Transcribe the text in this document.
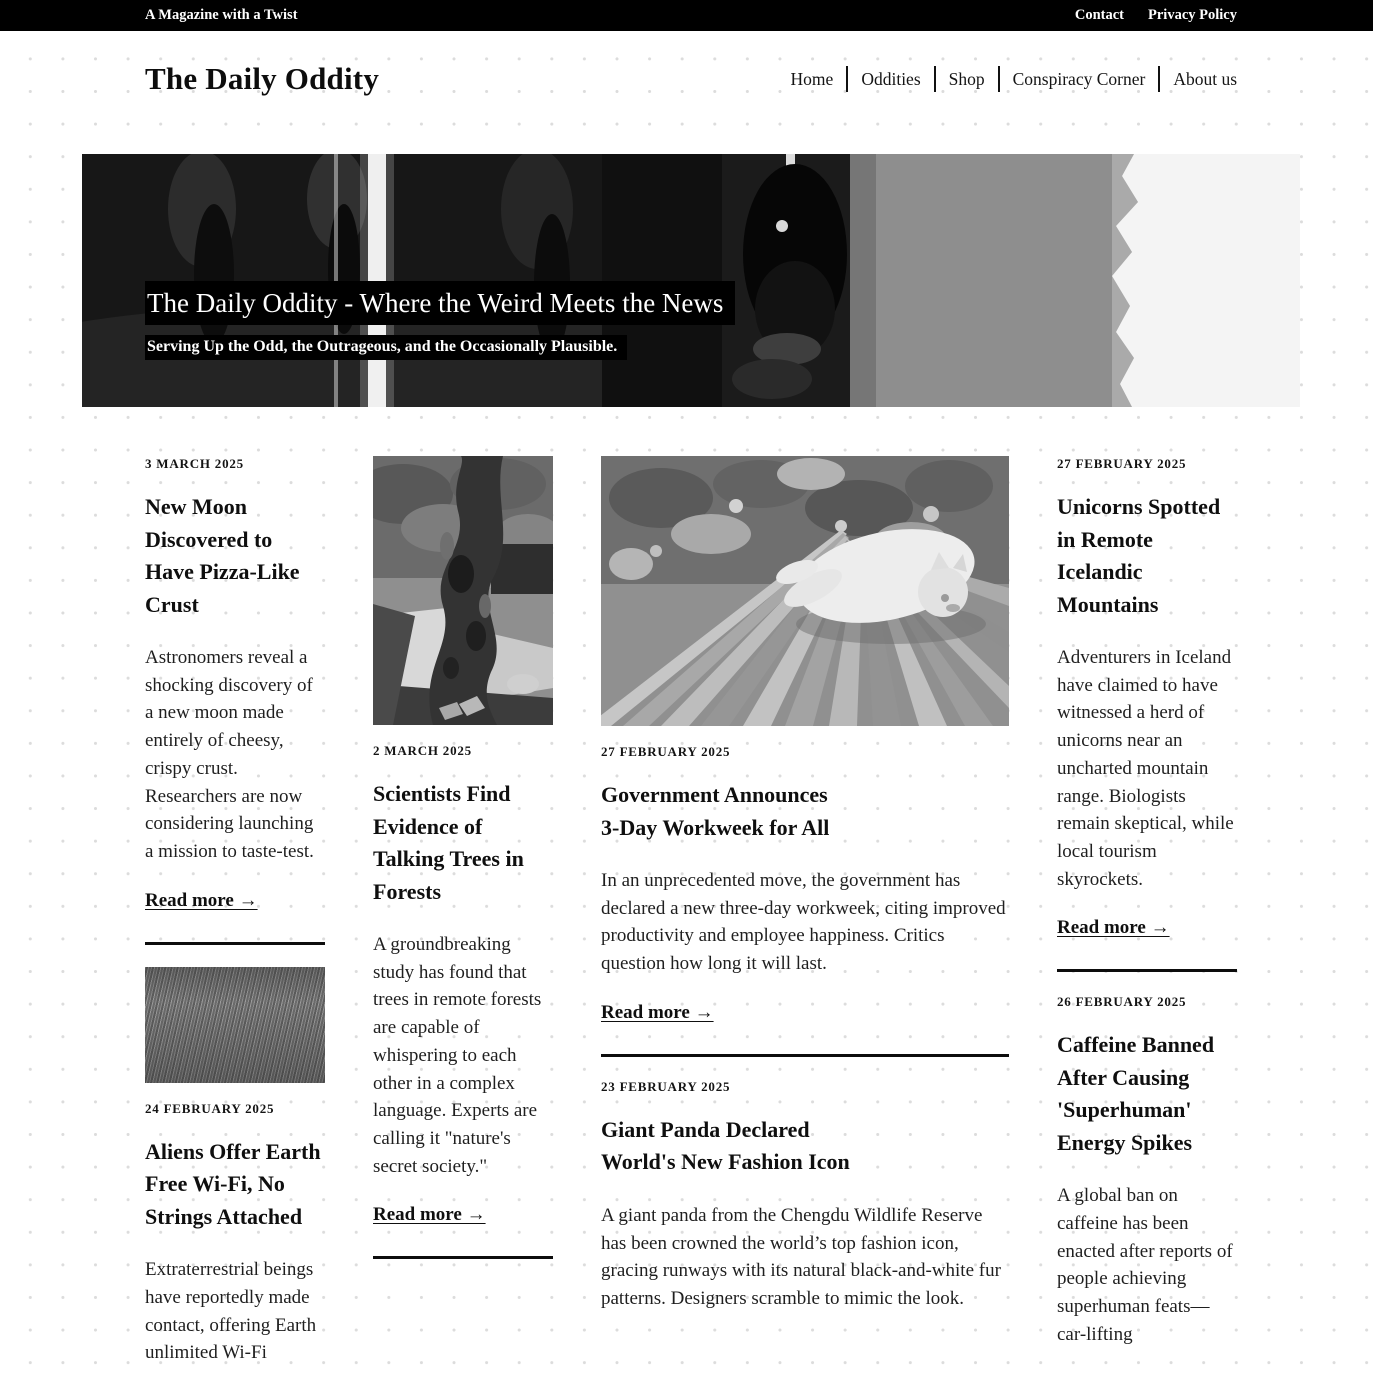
A Magazine with a Twist	Contact Privacy Policy
The Daily Oddity	Home Oddities Shop Conspiracy Corner About us
The Daily Oddity - Where the Weird Meets the News
Serving Up the Odd, the Outrageous, and the Occasionally Plausible.

3 MARCH 2025

New Moon Discovered to Have Pizza-Like Crust

Astronomers reveal a shocking discovery of a new moon made entirely of cheesy, crispy crust. Researchers are now considering launching a mission to taste-test.

Read more →

24 FEBRUARY 2025

Aliens Offer Earth Free Wi-Fi, No Strings Attached

Extraterrestrial beings have reportedly made contact, offering Earth unlimited Wi-Fi

2 MARCH 2025

Scientists Find Evidence of Talking Trees in Forests

A groundbreaking study has found that trees in remote forests are capable of whispering to each other in a complex language. Experts are calling it "nature's secret society."

Read more →

27 FEBRUARY 2025

Government Announces 3-Day Workweek for All

In an unprecedented move, the government has declared a new three-day workweek, citing improved productivity and employee happiness. Critics question how long it will last.

Read more →

23 FEBRUARY 2025

Giant Panda Declared World's New Fashion Icon

A giant panda from the Chengdu Wildlife Reserve has been crowned the world’s top fashion icon, gracing runways with its natural black-and-white fur patterns. Designers scramble to mimic the look.

27 FEBRUARY 2025

Unicorns Spotted in Remote Icelandic Mountains

Adventurers in Iceland have claimed to have witnessed a herd of unicorns near an uncharted mountain range. Biologists remain skeptical, while local tourism skyrockets.

Read more →

26 FEBRUARY 2025

Caffeine Banned After Causing 'Superhuman' Energy Spikes

A global ban on caffeine has been enacted after reports of people achieving superhuman feats—car-lifting
